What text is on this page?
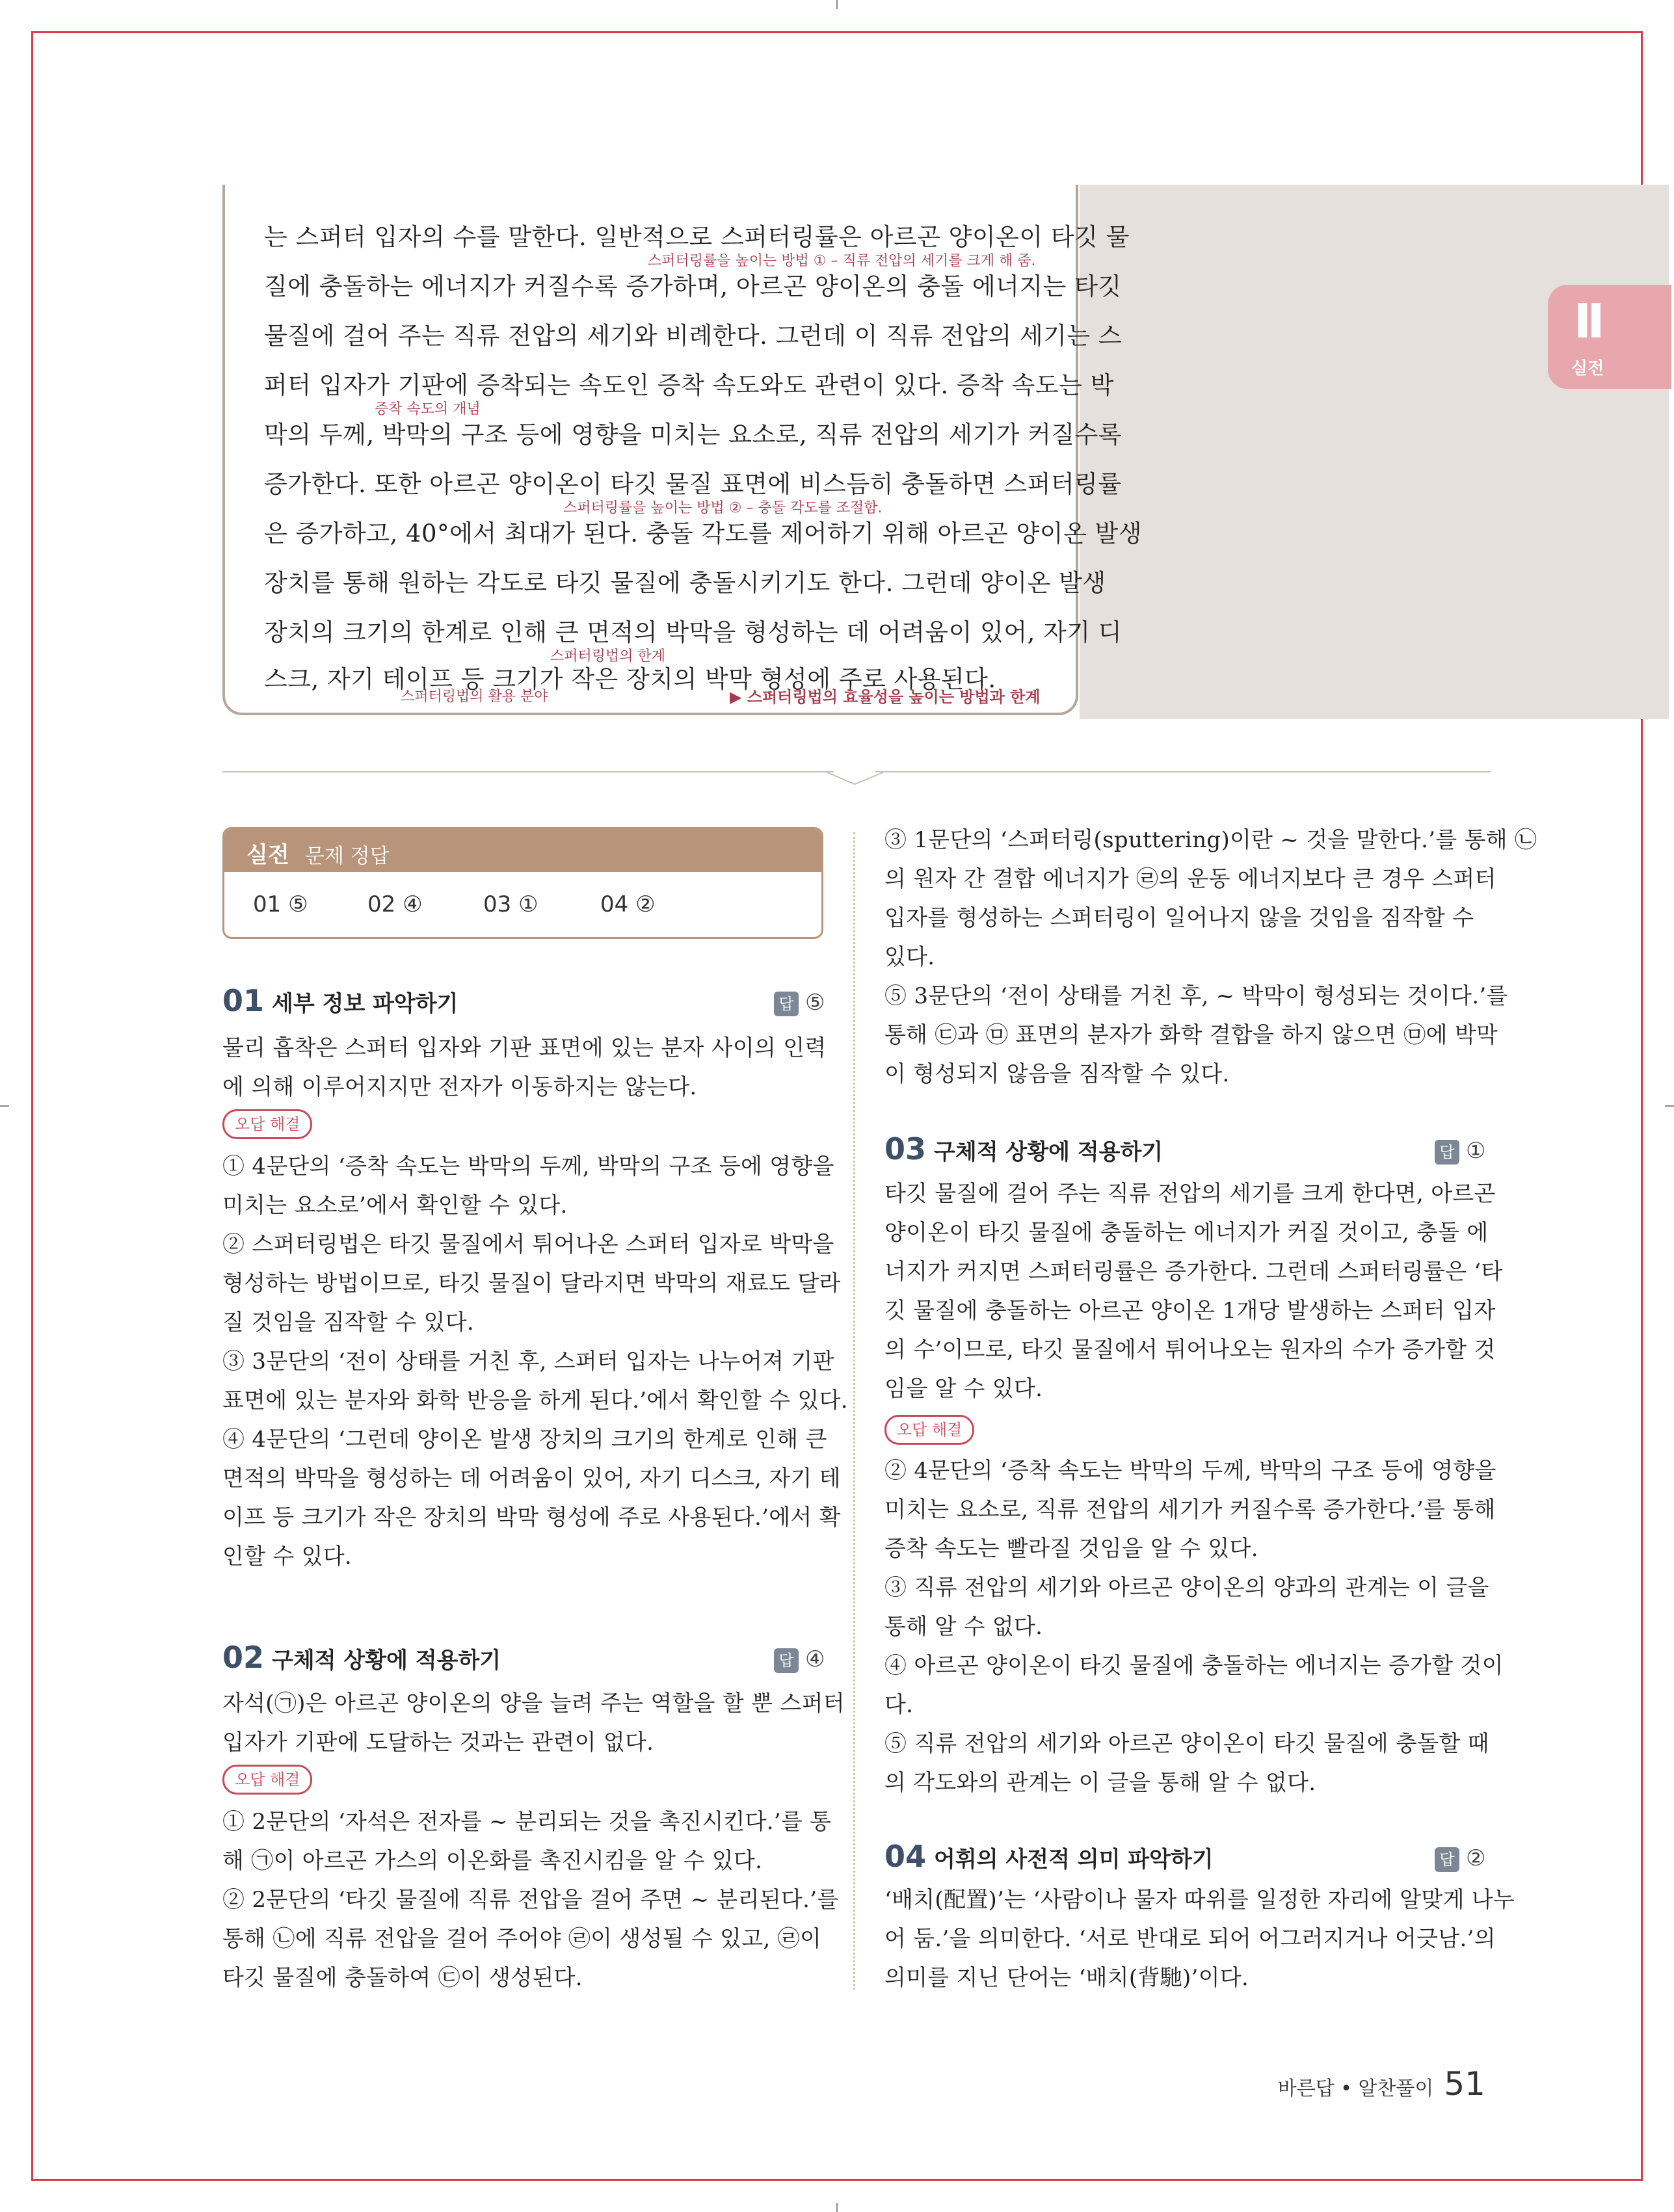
Ⅱ
실전
는 스퍼터 입자의 수를 말한다. 일반적으로 스퍼터링률은 아르곤 양이온이 타깃 물
스퍼터링률을 높이는 방법 ① – 직류 전압의 세기를 크게 해 줌.
질에 충돌하는 에너지가 커질수록 증가하며, 아르곤 양이온의 충돌 에너지는 타깃
물질에 걸어 주는 직류 전압의 세기와 비례한다. 그런데 이 직류 전압의 세기는 스
퍼터 입자가 기판에 증착되는 속도인 증착 속도와도 관련이 있다. 증착 속도는 박
증착 속도의 개념
막의 두께, 박막의 구조 등에 영향을 미치는 요소로, 직류 전압의 세기가 커질수록
증가한다. 또한 아르곤 양이온이 타깃 물질 표면에 비스듬히 충돌하면 스퍼터링률
스퍼터링률을 높이는 방법 ② – 충돌 각도를 조절함.
은 증가하고, 40°에서 최대가 된다. 충돌 각도를 제어하기 위해 아르곤 양이온 발생
장치를 통해 원하는 각도로 타깃 물질에 충돌시키기도 한다. 그런데 양이온 발생
장치의 크기의 한계로 인해 큰 면적의 박막을 형성하는 데 어려움이 있어, 자기 디
스퍼터링법의 한계
스크, 자기 테이프 등 크기가 작은 장치의 박막 형성에 주로 사용된다.
스퍼터링법의 활용 분야	▶ 스퍼터링법의 효율성을 높이는 방법과 한계
실전 문제 정답
01 ⑤	02 ④	03 ①	04 ②
01 세부 정보 파악하기	답 ⑤
물리 흡착은 스퍼터 입자와 기판 표면에 있는 분자 사이의 인력
에 의해 이루어지지만 전자가 이동하지는 않는다.
오답 해결
① 4문단의 ‘증착 속도는 박막의 두께, 박막의 구조 등에 영향을
미치는 요소로’에서 확인할 수 있다.
② 스퍼터링법은 타깃 물질에서 튀어나온 스퍼터 입자로 박막을
형성하는 방법이므로, 타깃 물질이 달라지면 박막의 재료도 달라
질 것임을 짐작할 수 있다.
③ 3문단의 ‘전이 상태를 거친 후, 스퍼터 입자는 나누어져 기판
표면에 있는 분자와 화학 반응을 하게 된다.’에서 확인할 수 있다.
④ 4문단의 ‘그런데 양이온 발생 장치의 크기의 한계로 인해 큰
면적의 박막을 형성하는 데 어려움이 있어, 자기 디스크, 자기 테
이프 등 크기가 작은 장치의 박막 형성에 주로 사용된다.’에서 확
인할 수 있다.
02 구체적 상황에 적용하기	답 ④
자석(㉠)은 아르곤 양이온의 양을 늘려 주는 역할을 할 뿐 스퍼터
입자가 기판에 도달하는 것과는 관련이 없다.
오답 해결
① 2문단의 ‘자석은 전자를 ~ 분리되는 것을 촉진시킨다.’를 통
해 ㉠이 아르곤 가스의 이온화를 촉진시킴을 알 수 있다.
② 2문단의 ‘타깃 물질에 직류 전압을 걸어 주면 ~ 분리된다.’를
통해 ㉡에 직류 전압을 걸어 주어야 ㉣이 생성될 수 있고, ㉣이
타깃 물질에 충돌하여 ㉢이 생성된다.
③ 1문단의 ‘스퍼터링(sputtering)이란 ~ 것을 말한다.’를 통해 ㉡
의 원자 간 결합 에너지가 ㉣의 운동 에너지보다 큰 경우 스퍼터
입자를 형성하는 스퍼터링이 일어나지 않을 것임을 짐작할 수
있다.
⑤ 3문단의 ‘전이 상태를 거친 후, ~ 박막이 형성되는 것이다.’를
통해 ㉢과 ㉤ 표면의 분자가 화학 결합을 하지 않으면 ㉤에 박막
이 형성되지 않음을 짐작할 수 있다.
03 구체적 상황에 적용하기	답 ①
타깃 물질에 걸어 주는 직류 전압의 세기를 크게 한다면, 아르곤
양이온이 타깃 물질에 충돌하는 에너지가 커질 것이고, 충돌 에
너지가 커지면 스퍼터링률은 증가한다. 그런데 스퍼터링률은 ‘타
깃 물질에 충돌하는 아르곤 양이온 1개당 발생하는 스퍼터 입자
의 수’이므로, 타깃 물질에서 튀어나오는 원자의 수가 증가할 것
임을 알 수 있다.
오답 해결
② 4문단의 ‘증착 속도는 박막의 두께, 박막의 구조 등에 영향을
미치는 요소로, 직류 전압의 세기가 커질수록 증가한다.’를 통해
증착 속도는 빨라질 것임을 알 수 있다.
③ 직류 전압의 세기와 아르곤 양이온의 양과의 관계는 이 글을
통해 알 수 없다.
④ 아르곤 양이온이 타깃 물질에 충돌하는 에너지는 증가할 것이
다.
⑤ 직류 전압의 세기와 아르곤 양이온이 타깃 물질에 충돌할 때
의 각도와의 관계는 이 글을 통해 알 수 없다.
04 어휘의 사전적 의미 파악하기	답 ②
‘배치(配置)’는 ‘사람이나 물자 따위를 일정한 자리에 알맞게 나누
어 둠.’을 의미한다. ‘서로 반대로 되어 어그러지거나 어긋남.’의
의미를 지닌 단어는 ‘배치(背馳)’이다.
바른답 • 알찬풀이 51
